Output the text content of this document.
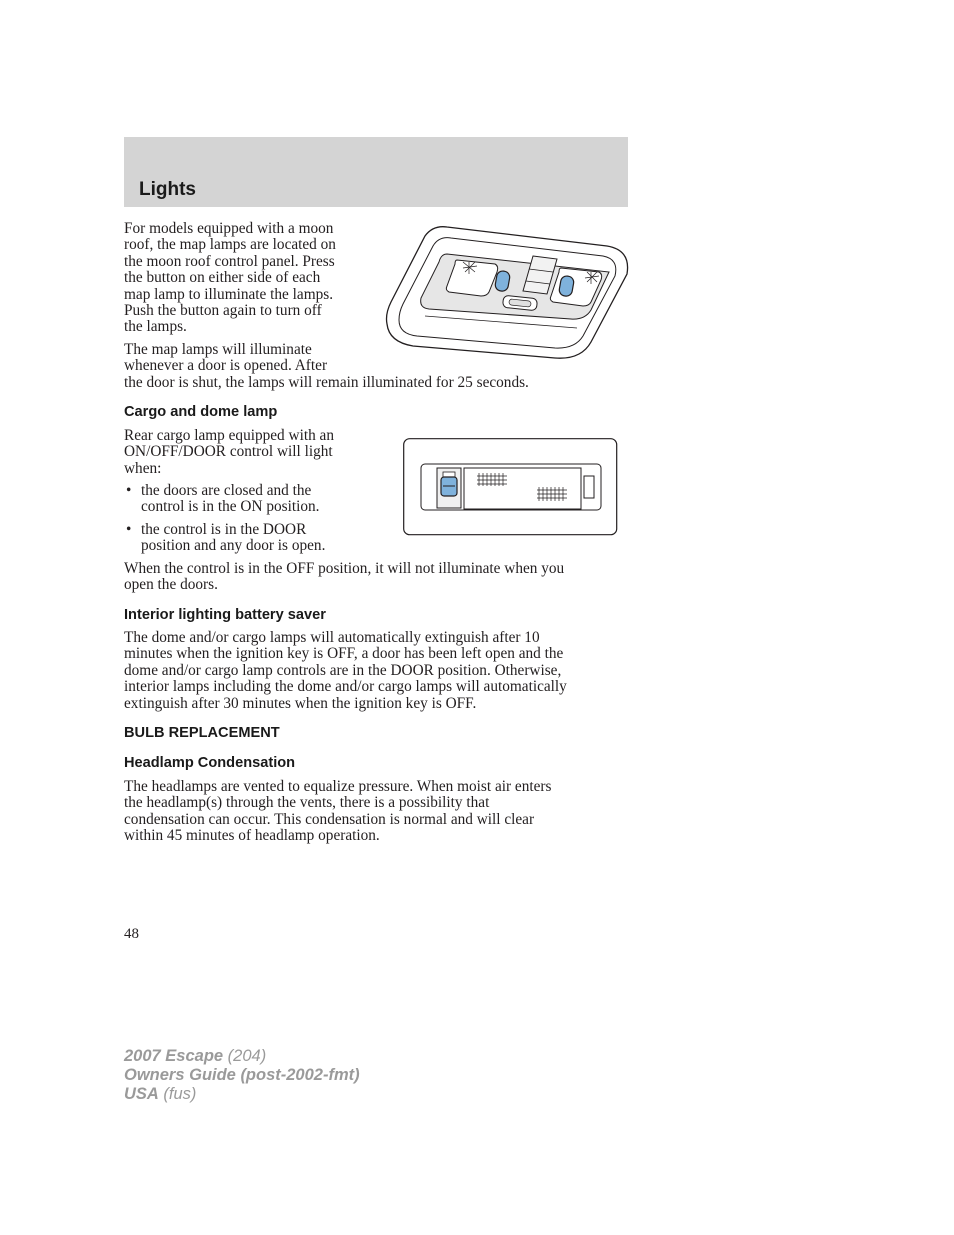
Lights

For models equipped with a moon

roof, the map lamps are located on

the moon roof control panel. Press

the button on either side of each

map lamp to illuminate the lamps.

Push the button again to turn off

the lamps.

The map lamps will illuminate

whenever a door is opened. After

the door is shut, the lamps will remain illuminated for 25 seconds.

Cargo and dome lamp

Rear cargo lamp equipped with an

ON/OFF/DOOR control will light

when:

• the doors are closed and the

control is in the ON position.

• the control is in the DOOR

position and any door is open.

When the control is in the OFF position, it will not illuminate when you

open the doors.

Interior lighting battery saver

The dome and/or cargo lamps will automatically extinguish after 10

minutes when the ignition key is OFF, a door has been left open and the

dome and/or cargo lamp controls are in the DOOR position. Otherwise,

interior lamps including the dome and/or cargo lamps will automatically

extinguish after 30 minutes when the ignition key is OFF.

BULB REPLACEMENT
Headlamp Condensation

The headlamps are vented to equalize pressure. When moist air enters

the headlamp(s) through the vents, there is a possibility that

condensation can occur. This condensation is normal and will clear

within 45 minutes of headlamp operation.

48
2007 Escape (204)
Owners Guide (post-2002-fmt)
USA (fus)
